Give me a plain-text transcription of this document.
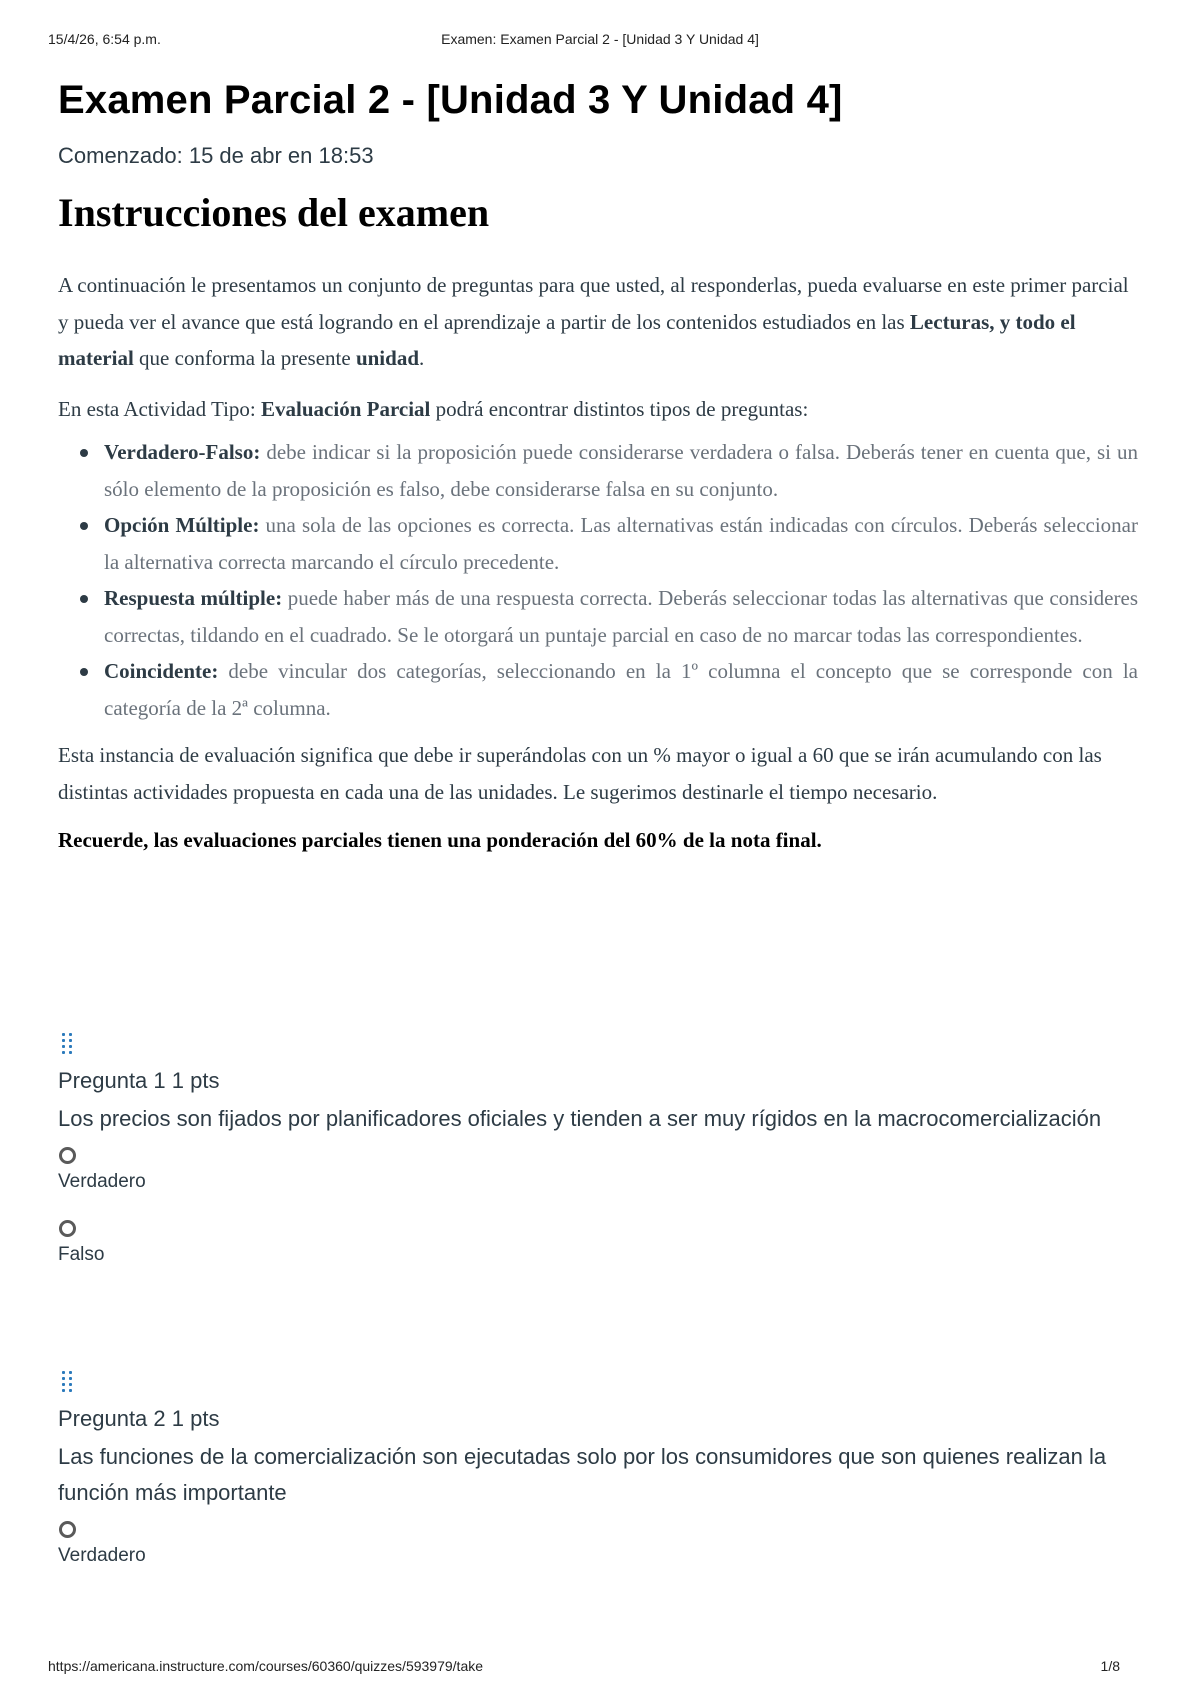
15/4/26, 6:54 p.m.	Examen: Examen Parcial 2 - [Unidad 3 Y Unidad 4]
Examen Parcial 2 - [Unidad 3 Y Unidad 4]
Comenzado: 15 de abr en 18:53
Instrucciones del examen
A continuación le presentamos un conjunto de preguntas para que usted, al responderlas, pueda evaluarse en este primer parcial y pueda ver el avance que está logrando en el aprendizaje a partir de los contenidos estudiados en las Lecturas, y todo el material que conforma la presente unidad.
En esta Actividad Tipo: Evaluación Parcial podrá encontrar distintos tipos de preguntas:
Verdadero-Falso: debe indicar si la proposición puede considerarse verdadera o falsa. Deberás tener en cuenta que, si un sólo elemento de la proposición es falso, debe considerarse falsa en su conjunto.
Opción Múltiple: una sola de las opciones es correcta. Las alternativas están indicadas con círculos. Deberás seleccionar la alternativa correcta marcando el círculo precedente.
Respuesta múltiple: puede haber más de una respuesta correcta. Deberás seleccionar todas las alternativas que consideres correctas, tildando en el cuadrado. Se le otorgará un puntaje parcial en caso de no marcar todas las correspondientes.
Coincidente: debe vincular dos categorías, seleccionando en la 1º columna el concepto que se corresponde con la categoría de la 2ª columna.
Esta instancia de evaluación significa que debe ir superándolas con un % mayor o igual a 60 que se irán acumulando con las distintas actividades propuesta en cada una de las unidades. Le sugerimos destinarle el tiempo necesario.
Recuerde, las evaluaciones parciales tienen una ponderación del 60% de la nota final.
Pregunta 1 1 pts
Los precios son fijados por planificadores oficiales y tienden a ser muy rígidos en la macrocomercialización
Verdadero
Falso
Pregunta 2 1 pts
Las funciones de la comercialización son ejecutadas solo por los consumidores que son quienes realizan la función más importante
Verdadero
https://americana.instructure.com/courses/60360/quizzes/593979/take	1/8
